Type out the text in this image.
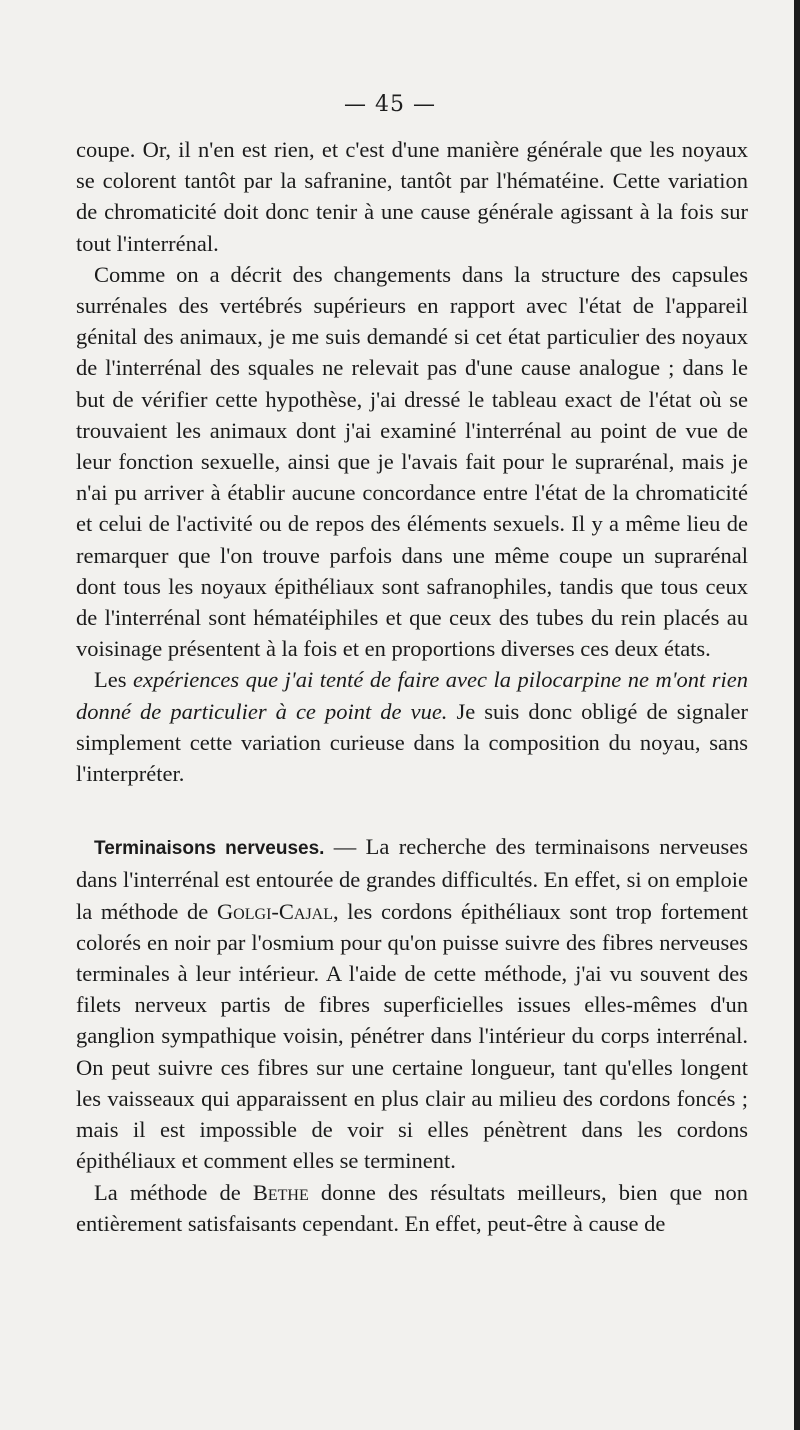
— 45 —

coupe. Or, il n'en est rien, et c'est d'une manière générale que les noyaux se colorent tantôt par la safranine, tantôt par l'hématéine. Cette variation de chromaticité doit donc tenir à une cause générale agissant à la fois sur tout l'interrénal.

Comme on a décrit des changements dans la structure des capsules surrénales des vertébrés supérieurs en rapport avec l'état de l'appareil génital des animaux, je me suis demandé si cet état particulier des noyaux de l'interrénal des squales ne relevait pas d'une cause analogue ; dans le but de vérifier cette hypothèse, j'ai dressé le tableau exact de l'état où se trouvaient les animaux dont j'ai examiné l'interrénal au point de vue de leur fonction sexuelle, ainsi que je l'avais fait pour le suprarénal, mais je n'ai pu arriver à établir aucune concordance entre l'état de la chromaticité et celui de l'activité ou de repos des éléments sexuels. Il y a même lieu de remarquer que l'on trouve parfois dans une même coupe un suprarénal dont tous les noyaux épithéliaux sont safranophiles, tandis que tous ceux de l'interrénal sont hématéiphiles et que ceux des tubes du rein placés au voisinage présentent à la fois et en proportions diverses ces deux états.

Les expériences que j'ai tenté de faire avec la pilocarpine ne m'ont rien donné de particulier à ce point de vue. Je suis donc obligé de signaler simplement cette variation curieuse dans la composition du noyau, sans l'interpréter.

Terminaisons nerveuses. — La recherche des terminaisons nerveuses dans l'interrénal est entourée de grandes difficultés. En effet, si on emploie la méthode de Golgi-Cajal, les cordons épithéliaux sont trop fortement colorés en noir par l'osmium pour qu'on puisse suivre des fibres nerveuses terminales à leur intérieur. A l'aide de cette méthode, j'ai vu souvent des filets nerveux partis de fibres superficielles issues elles-mêmes d'un ganglion sympathique voisin, pénétrer dans l'intérieur du corps interrénal. On peut suivre ces fibres sur une certaine longueur, tant qu'elles longent les vaisseaux qui apparaissent en plus clair au milieu des cordons foncés ; mais il est impossible de voir si elles pénètrent dans les cordons épithéliaux et comment elles se terminent.

La méthode de Bethe donne des résultats meilleurs, bien que non entièrement satisfaisants cependant. En effet, peut-être à cause de
